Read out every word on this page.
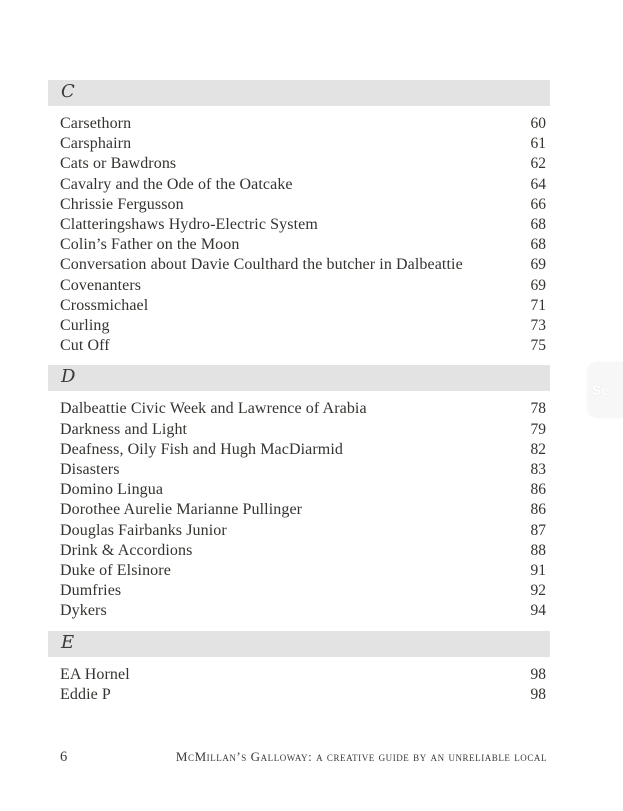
C
Carsethorn	60
Carsphairn	61
Cats or Bawdrons	62
Cavalry and the Ode of the Oatcake	64
Chrissie Fergusson	66
Clatteringshaws Hydro-Electric System	68
Colin’s Father on the Moon	68
Conversation about Davie Coulthard the butcher in Dalbeattie	69
Covenanters	69
Crossmichael	71
Curling	73
Cut Off	75
D
Dalbeattie Civic Week and Lawrence of Arabia	78
Darkness and Light	79
Deafness, Oily Fish and Hugh MacDiarmid	82
Disasters	83
Domino Lingua	86
Dorothee Aurelie Marianne Pullinger	86
Douglas Fairbanks Junior	87
Drink & Accordions	88
Duke of Elsinore	91
Dumfries	92
Dykers	94
E
EA Hornel	98
Eddie P	98
6	McMillan’s Galloway: a creative guide by an unreliable local
Se
